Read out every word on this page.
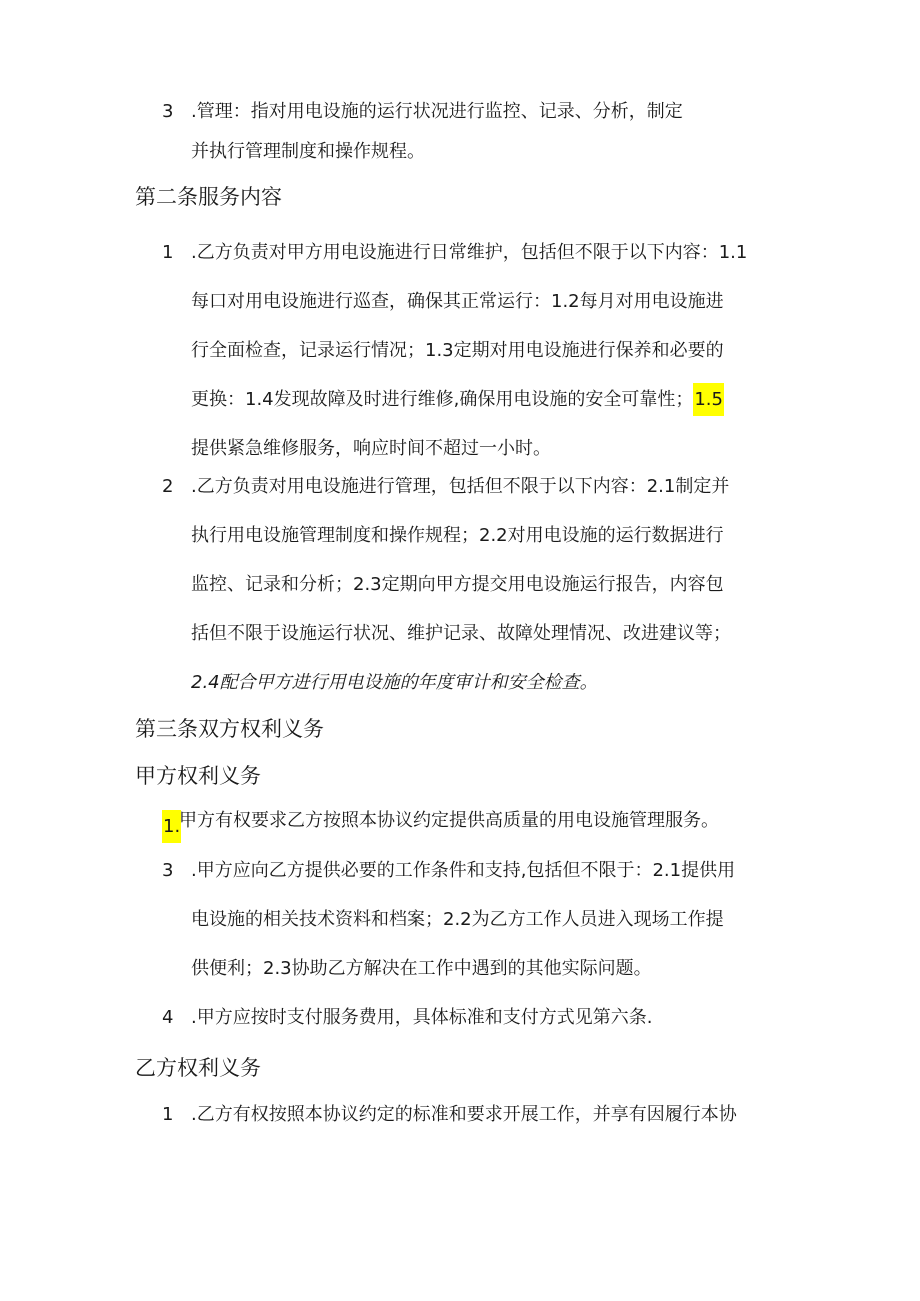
3 .管理：指对用电设施的运行状况进行监控、记录、分析，制定
并执行管理制度和操作规程。
第二条服务内容
1 .乙方负责对甲方用电设施进行日常维护，包括但不限于以下内容：1.1
每口对用电设施进行巡查，确保其正常运行：1.2每月对用电设施进
行全面检查，记录运行情况；1.3定期对用电设施进行保养和必要的
更换：1.4发现故障及时进行维修,确保用电设施的安全可靠性；1.5
提供紧急维修服务，响应时间不超过一小时。
2 .乙方负责对用电设施进行管理，包括但不限于以下内容：2.1制定并
执行用电设施管理制度和操作规程；2.2对用电设施的运行数据进行
监控、记录和分析；2.3定期向甲方提交用电设施运行报告，内容包
括但不限于设施运行状况、维护记录、故障处理情况、改进建议等；
2.4配合甲方进行用电设施的年度审计和安全检查。
第三条双方权利义务
甲方权利义务
1.
甲方有权要求乙方按照本协议约定提供高质量的用电设施管理服务。
3 .甲方应向乙方提供必要的工作条件和支持,包括但不限于：2.1提供用
电设施的相关技术资料和档案；2.2为乙方工作人员进入现场工作提
供便利；2.3协助乙方解决在工作中遇到的其他实际问题。
4 .甲方应按时支付服务费用，具体标准和支付方式见第六条.
乙方权利义务
1 .乙方有权按照本协议约定的标准和要求开展工作，并享有因履行本协
